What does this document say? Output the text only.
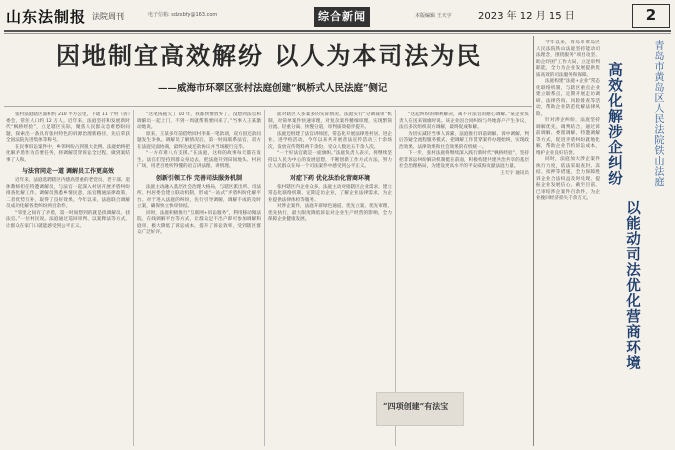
山东法制报 法院周刊	电子信箱: sdzxbfy@163.com	综合新闻	本版编辑 王天宇	2023 年 12 月 15 日	2
因地制宜高效解纷 以人为本司法为民
——威海市环翠区张村法庭创建“枫桥式人民法庭”侧记

张村法庭辖区面积约 210 平方公里，下辖 11 个村（居）委会，常住人口约 12 万人。近年来，法庭坚持和发展新时代“枫桥经验”，立足辖区实际，聚焦人民群众急难愁盼问题，探索出一条具有张村特色的诉源治理新路径，先后荣获全国法院先进集体等称号。

在民事诉讼案件中，乡邻纠纷占到很大比例。法庭始终把化解矛盾作为首要任务，将调解贯穿诉讼全过程，做到案结事了人和。

与法官同走一道 调解员工作更高效

近年来，法庭选聘辖区内德高望重的老党员、老干部、退休教师担任特邀调解员，与法官一起深入村居开展矛盾纠纷排查化解工作。调解员熟悉乡情民意，法官精通法律政策，二者优势互补，取得了良好效果。今年以来，法庭联合调解员成功化解各类纠纷两百余件。

“邻里之间有了矛盾，第一时间想到的就是找调解员、找法官。”一位村民说。法庭通过巡回审判、以案释法等方式，让群众在家门口就能感受到公平正义。

“这笔钱拖欠了 10 年，我都快要放弃了，没想到法官和调解员一起上门，不到一周就帮我要回来了。”当事人王某激动地说。

原来，王某多年前借给同村李某一笔款项，双方因还款问题发生争执。调解员了解情况后，第一时间联系法官，双方在法庭见面协商，最终达成还款协议并当场履行完毕。

“一方有难八方支援。”在法庭，这样的故事每天都在发生。法官们坚持到群众身边去，把法庭开到田间地头、村居广场，用老百姓听得懂的语言讲法理、讲情理。

创新引领工作 完善司法服务机制

法庭主动融入基层社会治理大格局，与辖区派出所、司法所、村居委会建立联动机制，形成“一站式”矛盾纠纷化解平台。对于进入法庭的纠纷，先行引导调解，调解不成的及时立案，确保快立快审快结。

同时，法庭积极推行“互联网+诉讼服务”，利用移动微法院、在线调解平台等方式，让群众足不出户即可参加调解和庭审，极大降低了诉讼成本，提升了诉讼效率，受到辖区群众广泛好评。

面对辖区人多案多的实际情况，法庭实行“分调裁审”机制，对简单案件快速审理，对复杂案件精细审理，实现繁简分流、轻重分离、快慢分道，审判质效稳步提升。

法庭还组建了法官讲师团，常态化开展法律进村居、进企业、进学校活动，今年以来共开展普法宣传活动三十余场次，发放宣传资料两千余份，受众人数达五千余人次。

“一个好法官就是一面旗帜。”法庭负责人表示，将继续坚持以人民为中心的发展思想，不断创新工作方式方法，努力让人民群众在每一个司法案件中感受到公平正义。

对症下药 优化法治化营商环境

张村辖区内企业众多，法庭主动对接辖区企业需求，建立常态化联络机制，定期走访企业，了解企业法律需求，为企业提供法律体检等服务。

对涉企案件，法庭开辟绿色通道，优先立案、优先审理、优先执行，最大限度降低诉讼对企业生产经营的影响，全力保障企业健康发展。

“这起纠纷的顺利解决，离不开法官的耐心调解。”某企业负责人在送来锦旗时说。该企业因合同纠纷与外地客户产生争议，法官多次组织双方调解，最终促成和解。

为切实减轻当事人诉累，法庭推行诉前调解、诉中调解、判后答疑全流程服务模式，把调解工作贯穿案件办理始终，实现政治效果、法律效果和社会效果的有机统一。

下一步，张村法庭将继续深入践行新时代“枫桥经验”，坚持把非诉讼纠纷解决机制挺在前面，积极构建共建共治共享的基层社会治理格局，为建设更高水平的平安威海贡献法庭力量。

王天宇 通讯员

“四项创建”有法宝

今年以来，青岛市黄岛区人民法院铁山法庭坚持能动司法理念，围绕服务“项目攻坚、助企纾困”工作大局，立足审判职能，全力为企业发展提供优质高效的司法服务和保障。

法庭构建“法庭+企业”常态化联络机制，与辖区重点企业建立联系点，定期开展走访调研、法律咨询、风险排查等活动，帮助企业防范化解法律风险。

针对涉企纠纷，法庭坚持调解优先，调判结合，通过诉前调解、委派调解、特邀调解等方式，促进矛盾纠纷就地化解，帮助企业节约诉讼成本，维护企业良好信誉。

同时，法庭加大涉企案件执行力度，依法采取查封、冻结、扣押等措施，全力保障胜诉企业合法权益及时兑现，提振企业发展信心。截至目前，已审结涉企案件百余件，为企业挽回经济损失千余万元。

高效化解涉企纠纷
以能动司法优化营商环境
青岛市黄岛区人民法院铁山法庭
